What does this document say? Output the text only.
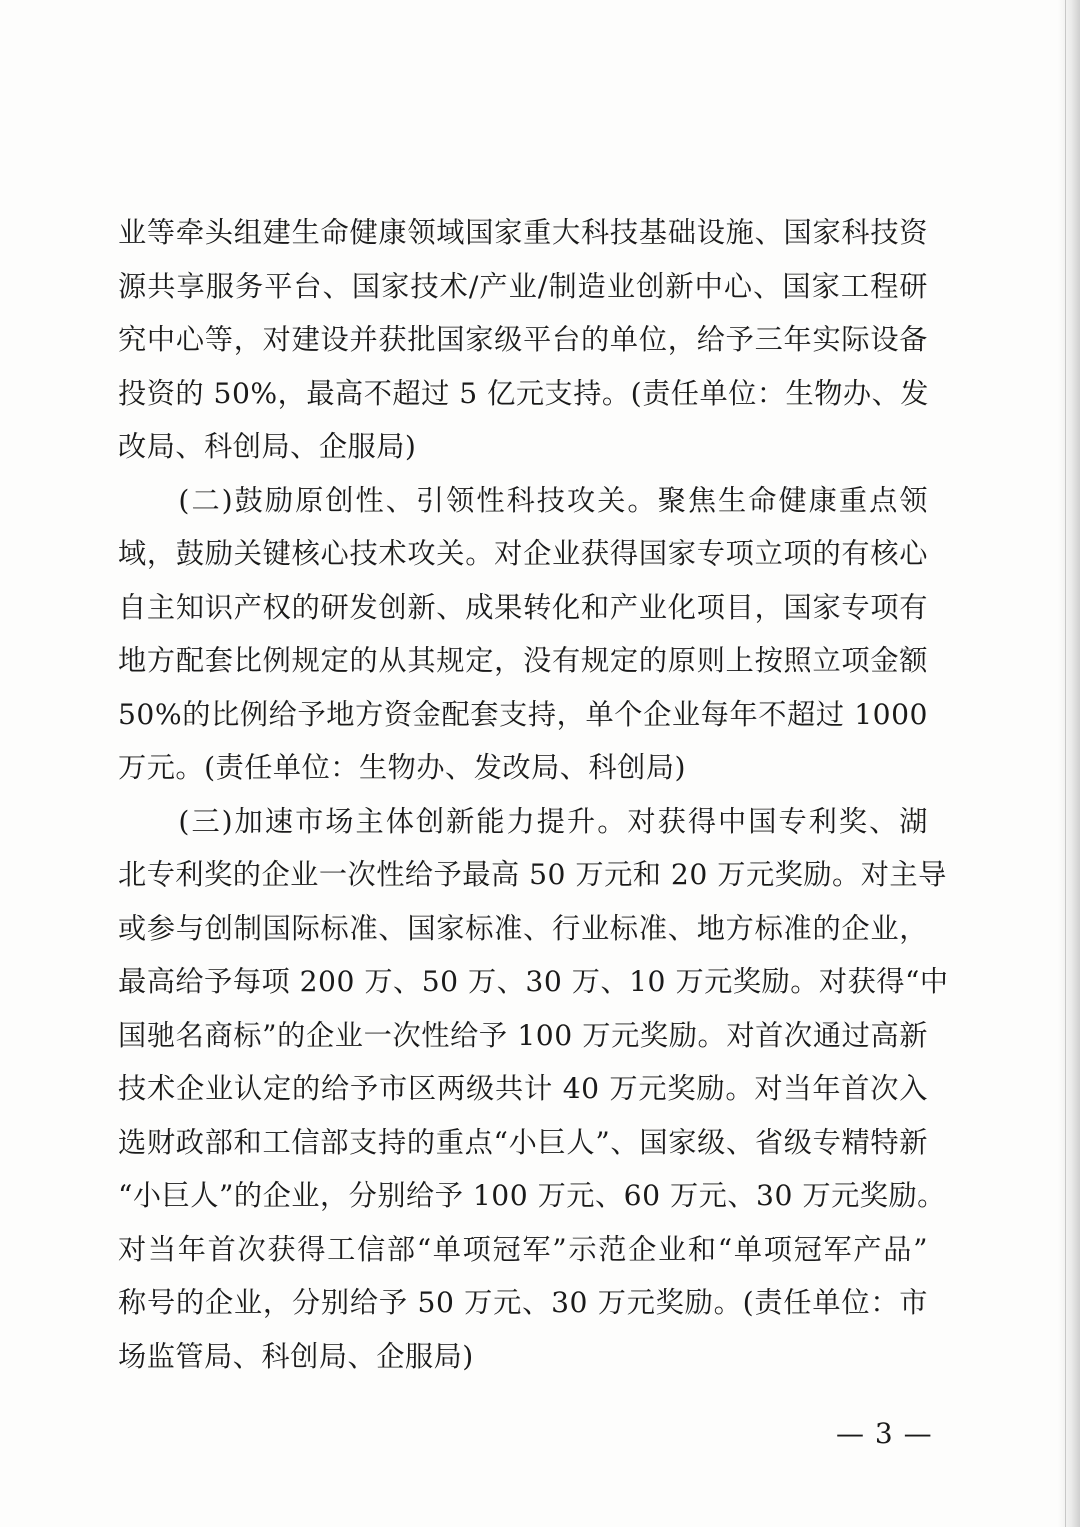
业等牵头组建生命健康领域国家重大科技基础设施、国家科技资
源共享服务平台、国家技术/产业/制造业创新中心、国家工程研
究中心等，对建设并获批国家级平台的单位，给予三年实际设备
投资的 50%，最高不超过 5 亿元支持。(责任单位：生物办、发
改局、科创局、企服局)
　　(二)鼓励原创性、引领性科技攻关。聚焦生命健康重点领
域，鼓励关键核心技术攻关。对企业获得国家专项立项的有核心
自主知识产权的研发创新、成果转化和产业化项目，国家专项有
地方配套比例规定的从其规定，没有规定的原则上按照立项金额
50%的比例给予地方资金配套支持，单个企业每年不超过 1000
万元。(责任单位：生物办、发改局、科创局)
　　(三)加速市场主体创新能力提升。对获得中国专利奖、湖
北专利奖的企业一次性给予最高 50 万元和 20 万元奖励。对主导
或参与创制国际标准、国家标准、行业标准、地方标准的企业，
最高给予每项 200 万、50 万、30 万、10 万元奖励。对获得“中
国驰名商标”的企业一次性给予 100 万元奖励。对首次通过高新
技术企业认定的给予市区两级共计 40 万元奖励。对当年首次入
选财政部和工信部支持的重点“小巨人”、国家级、省级专精特新
“小巨人”的企业，分别给予 100 万元、60 万元、30 万元奖励。
对当年首次获得工信部“单项冠军”示范企业和“单项冠军产品”
称号的企业，分别给予 50 万元、30 万元奖励。(责任单位：市
场监管局、科创局、企服局)
— 3 —
